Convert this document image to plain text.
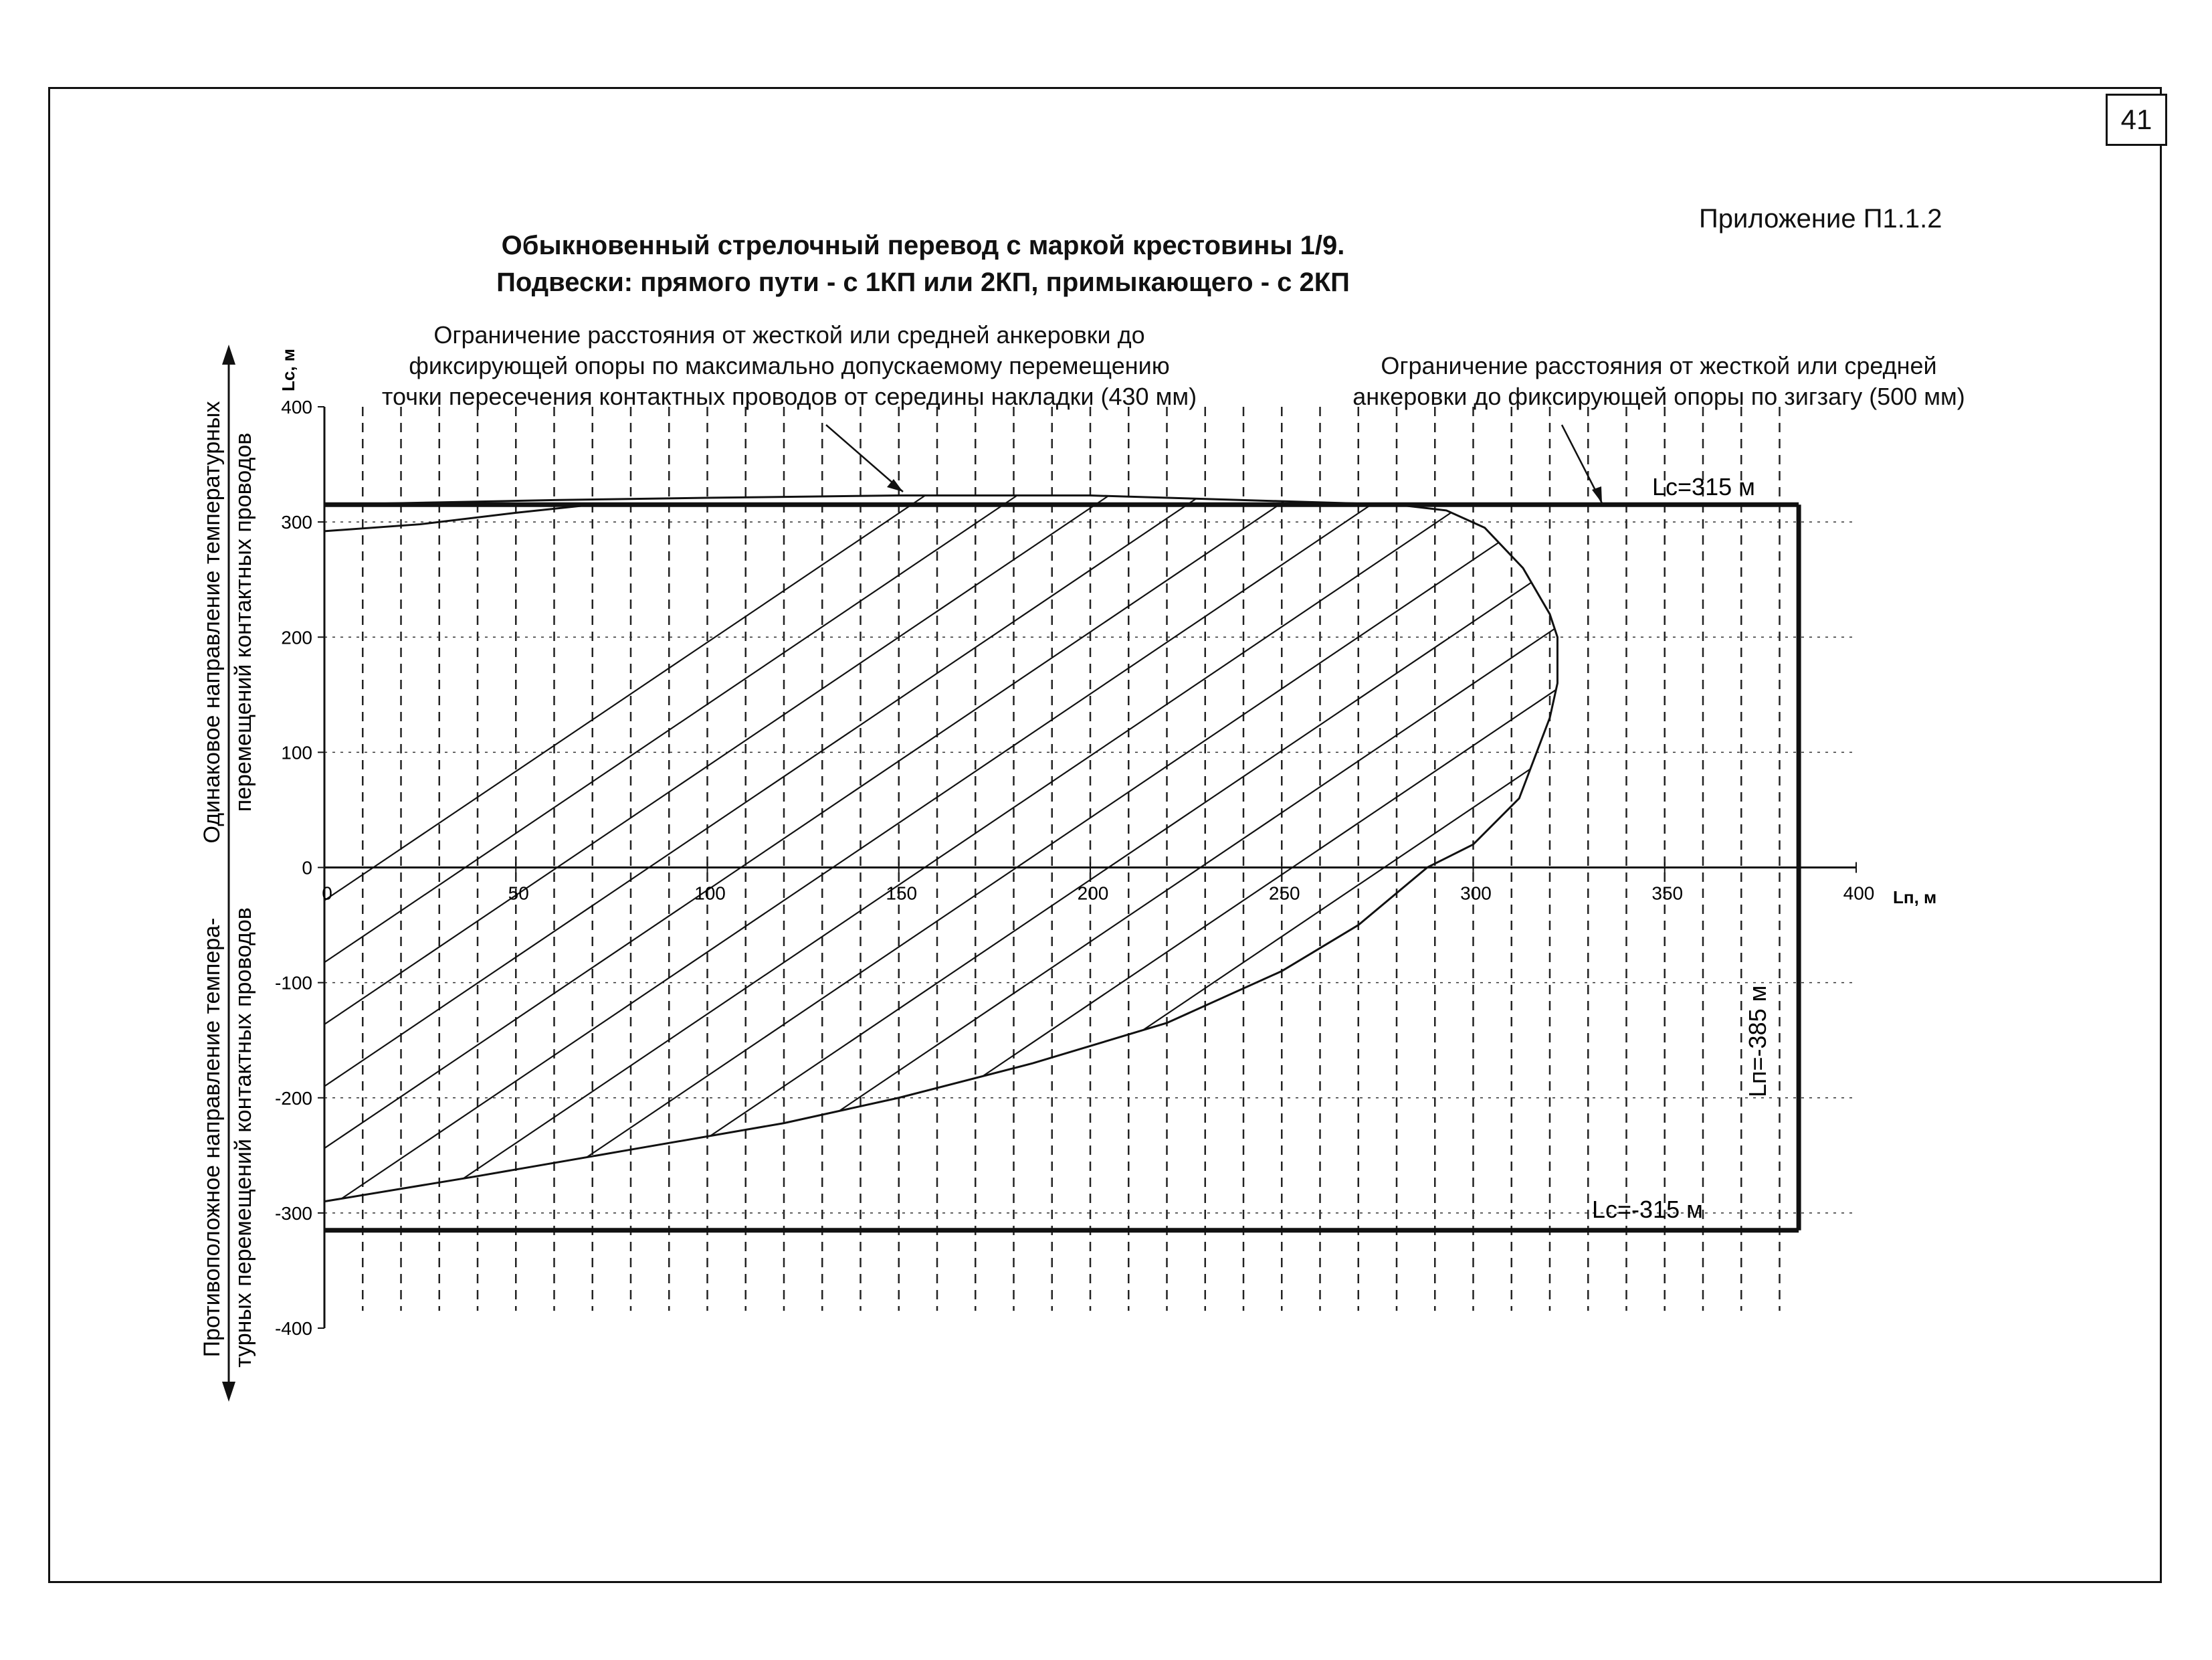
41
Приложение П1.1.2
Обыкновенный стрелочный перевод с маркой крестовины 1/9.
Подвески: прямого пути - с 1КП или 2КП, примыкающего - с 2КП
Ограничение расстояния от жесткой или средней анкеровки до
фиксирующей опоры по максимально допускаемому перемещению
точки пересечения контактных проводов от середины накладки (430 мм)
Ограничение расстояния от жесткой или средней
анкеровки до фиксирующей опоры по зигзагу (500 мм)
0	50	100	150	200	250	300	350	400
400
300
200
100
0
-100
-200
-300
-400
Lc=315 м
Lc=-315 м
Lп=-385 м
Lc, м
Lп, м
Одинаковое направление температурных перемещений контактных проводов
Противоположное направление темпера- турных перемещений контактных проводов
